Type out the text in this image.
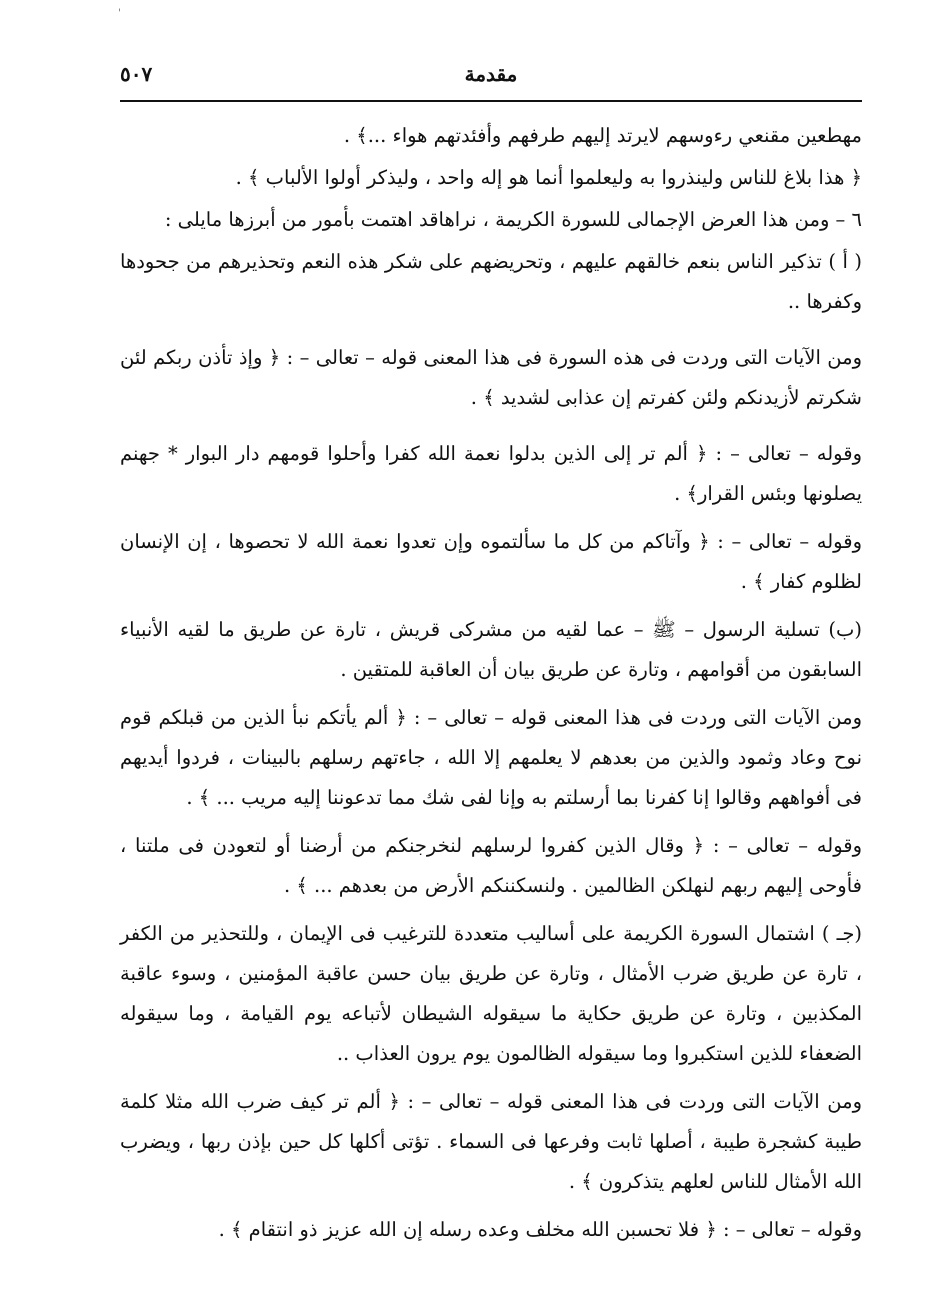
'
مقدمة
٥٠٧

مهطعين مقنعي رءوسهم لايرتد إليهم طرفهم وأفئدتهم هواء ...﴾ .

﴿ هذا بلاغ للناس ولينذروا به وليعلموا أنما هو إله واحد ، وليذكر أولوا الألباب ﴾ .

٦ – ومن هذا العرض الإجمالى للسورة الكريمة ، نراهاقد اهتمت بأمور من أبرزها مايلى :

( أ ) تذكير الناس بنعم خالقهم عليهم ، وتحريضهم على شكر هذه النعم وتحذيرهم من جحودها وكفرها ..

ومن الآيات التى وردت فى هذه السورة فى هذا المعنى قوله – تعالى – : ﴿ وإذ تأذن ربكم لئن شكرتم لأزيدنكم ولئن كفرتم إن عذابى لشديد ﴾ .

وقوله – تعالى – : ﴿ ألم تر إلى الذين بدلوا نعمة الله كفرا وأحلوا قومهم دار البوار * جهنم يصلونها وبئس القرار﴾ .

وقوله – تعالى – : ﴿ وآتاكم من كل ما سألتموه وإن تعدوا نعمة الله لا تحصوها ، إن الإنسان لظلوم كفار ﴾ .

(ب) تسلية الرسول – ﷺ – عما لقيه من مشركى قريش ، تارة عن طريق ما لقيه الأنبياء السابقون من أقوامهم ، وتارة عن طريق بيان أن العاقبة للمتقين .

ومن الآيات التى وردت فى هذا المعنى قوله – تعالى – : ﴿ ألم يأتكم نبأ الذين من قبلكم قوم نوح وعاد وثمود والذين من بعدهم لا يعلمهم إلا الله ، جاءتهم رسلهم بالبينات ، فردوا أيديهم فى أفواههم وقالوا إنا كفرنا بما أرسلتم به وإنا لفى شك مما تدعوننا إليه مريب ... ﴾ .

وقوله – تعالى – : ﴿ وقال الذين كفروا لرسلهم لنخرجنكم من أرضنا أو لتعودن فى ملتنا ، فأوحى إليهم ربهم لنهلكن الظالمين . ولنسكننكم الأرض من بعدهم ... ﴾ .

(جـ ) اشتمال السورة الكريمة على أساليب متعددة للترغيب فى الإيمان ، وللتحذير من الكفر ، تارة عن طريق ضرب الأمثال ، وتارة عن طريق بيان حسن عاقبة المؤمنين ، وسوء عاقبة المكذبين ، وتارة عن طريق حكاية ما سيقوله الشيطان لأتباعه يوم القيامة ، وما سيقوله الضعفاء للذين استكبروا وما سيقوله الظالمون يوم يرون العذاب ..

ومن الآيات التى وردت فى هذا المعنى قوله – تعالى – : ﴿ ألم تر كيف ضرب الله مثلا كلمة طيبة كشجرة طيبة ، أصلها ثابت وفرعها فى السماء . تؤتى أكلها كل حين بإذن ربها ، ويضرب الله الأمثال للناس لعلهم يتذكرون ﴾ .

وقوله – تعالى – : ﴿ فلا تحسبن الله مخلف وعده رسله إن الله عزيز ذو انتقام ﴾ .
